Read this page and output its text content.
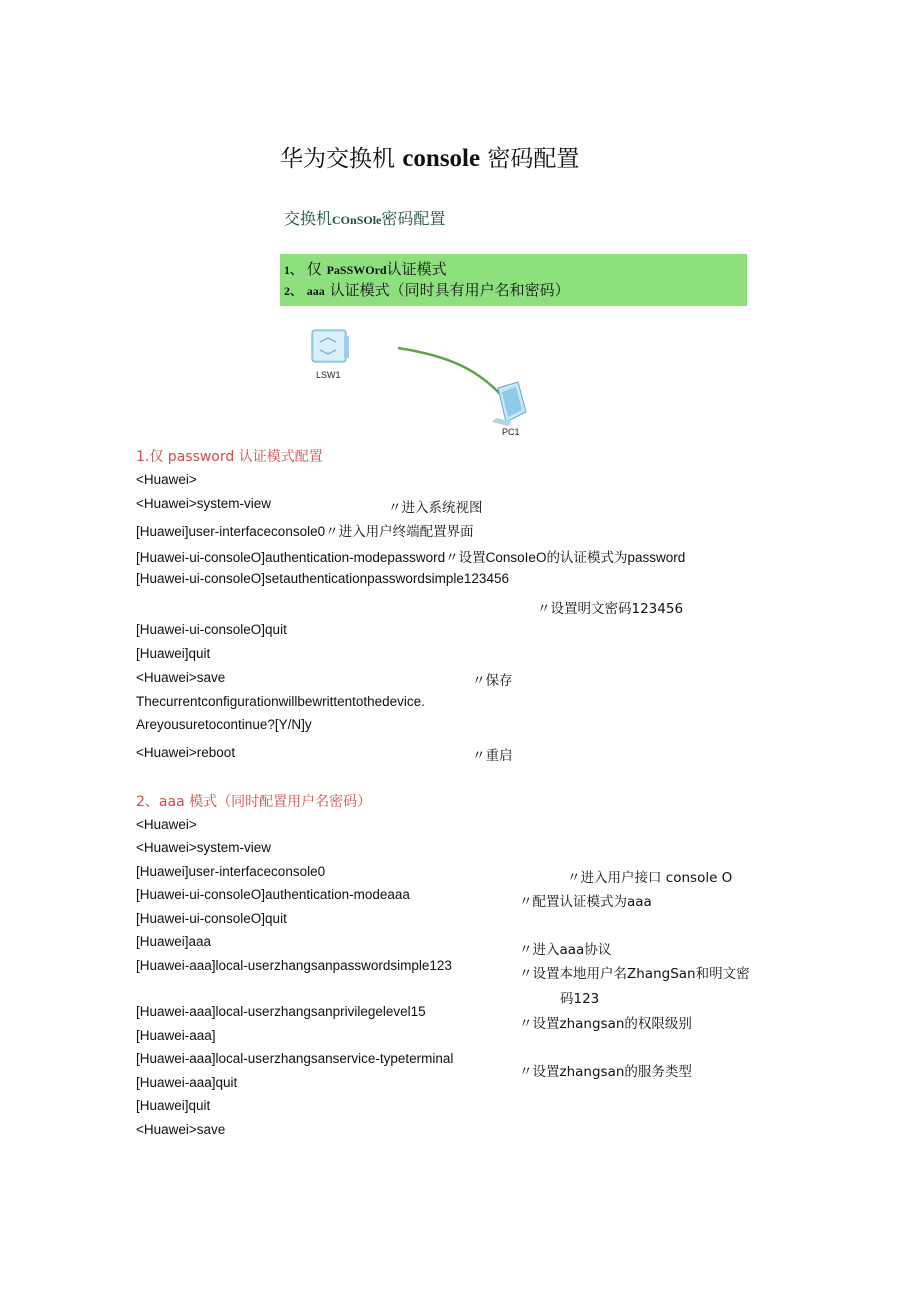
华为交换机 console 密码配置
交换机COnSOle密码配置
1、 仅 PaSSWOrd认证模式
2、 aaa 认证模式（同时具有用户名和密码）
LSW1
PC1
1.仅 password 认证模式配置
<Huawei>
<Huawei>system-view	〃进入系统视图
[Huawei]user-interfaceconsole0〃进入用户终端配置界面
[Huawei-ui-consoleO]authentication-modepassword〃设置ConsoIeO的认证模式为password
[Huawei-ui-consoleO]setauthenticationpasswordsimple123456
〃设置明文密码123456
[Huawei-ui-consoleO]quit
[Huawei]quit
<Huawei>save	〃保存
Thecurrentconfigurationwillbewrittentothedevice.
Areyousuretocontinue?[Y/N]y
<Huawei>reboot	〃重启
2、aaa 模式（同时配置用户名密码）
<Huawei>
<Huawei>system-view
[Huawei]user-interfaceconsole0	〃进入用户接口 console O
[Huawei-ui-consoleO]authentication-modeaaa	〃配置认证模式为aaa
[Huawei-ui-consoleO]quit
[Huawei]aaa
〃进入aaa协议
[Huawei-aaa]local-userzhangsanpasswordsimple123
〃设置本地用户名ZhangSan和明文密
码123
[Huawei-aaa]local-userzhangsanprivilegelevel15
〃设置zhangsan的权限级别
[Huawei-aaa]
[Huawei-aaa]local-userzhangsanservice-typeterminal
〃设置zhangsan的服务类型
[Huawei-aaa]quit
[Huawei]quit
<Huawei>save
